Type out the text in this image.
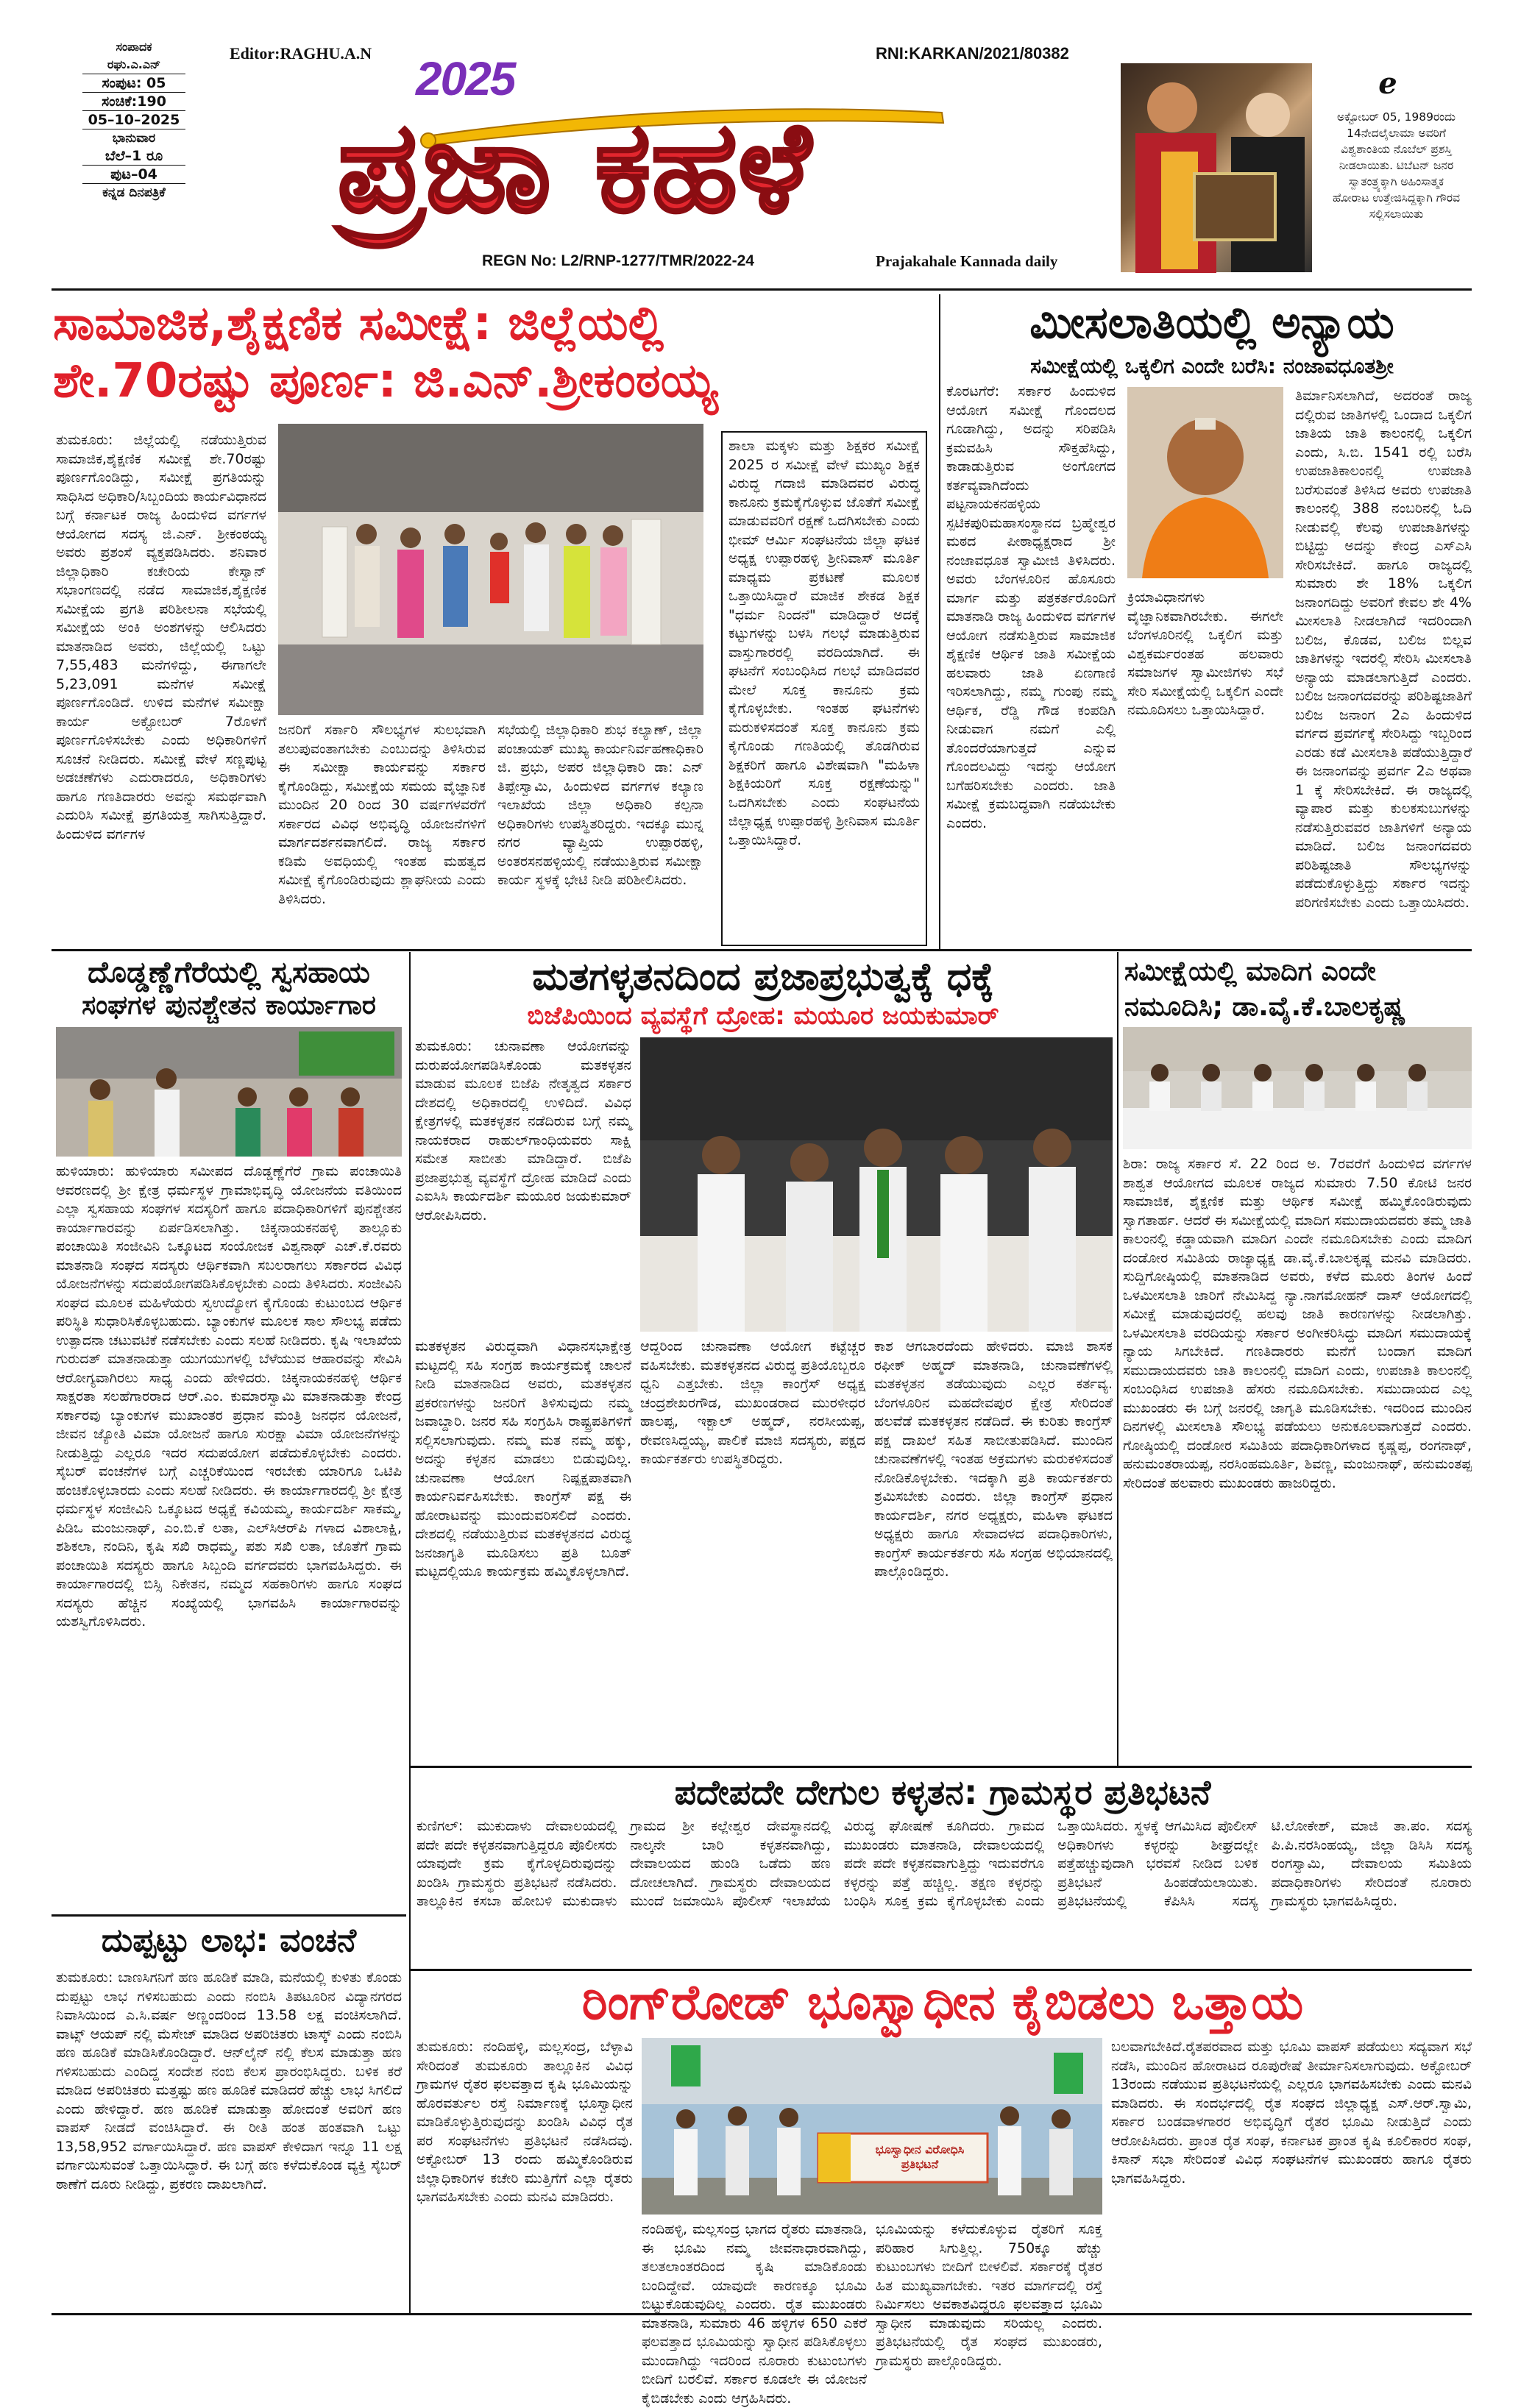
ಸಂಪಾದಕ
ರಘು.ಎ.ಎನ್
ಸಂಪುಟ: 05
ಸಂಚಿಕೆ:190
05–10–2025
ಭಾನುವಾರ
ಬೆಲೆ–1 ರೂ
ಪುಟ–04
ಕನ್ನಡ ದಿನಪತ್ರಿಕೆ
Editor:RAGHU.A.N	RNI:KARKAN/2021/80382
2025
ಪ್ರಜಾ ಕಹಳೆ
REGN No: L2/RNP-1277/TMR/2022-24	Prajakahale Kannada daily
e
ಅಕ್ಟೋಬರ್ 05, 1989ರಂದು 14ನೇದಲೈಲಾಮಾ ಅವರಿಗೆ ವಿಶ್ವಶಾಂತಿಯ ನೊಬೆಲ್ ಪ್ರಶಸ್ತಿ ನೀಡಲಾಯಿತು. ಟಿಬೆಟನ್ ಜನರ ಸ್ವಾತಂತ್ರ್ಯಕ್ಕಾಗಿ ಅಹಿಂಸಾತ್ಮಕ ಹೋರಾಟ ಉತ್ತೇಜಿಸಿದ್ದಕ್ಕಾಗಿ ಗೌರವ ಸಲ್ಲಿಸಲಾಯಿತು
ಸಾಮಾಜಿಕ,ಶೈಕ್ಷಣಿಕ ಸಮೀಕ್ಷೆ: ಜಿಲ್ಲೆಯಲ್ಲಿ
ಶೇ.70ರಷ್ಟು ಪೂರ್ಣ: ಜಿ.ಎನ್.ಶ್ರೀಕಂಠಯ್ಯ
ತುಮಕೂರು: ಜಿಲ್ಲೆಯಲ್ಲಿ ನಡೆಯುತ್ತಿರುವ ಸಾಮಾಜಿಕ,ಶೈಕ್ಷಣಿಕ ಸಮೀಕ್ಷೆ ಶೇ.70ರಷ್ಟು ಪೂರ್ಣಗೊಂಡಿದ್ದು, ಸಮೀಕ್ಷೆ ಪ್ರಗತಿಯನ್ನು ಸಾಧಿಸಿದ ಅಧಿಕಾರಿ/ಸಿಬ್ಬಂದಿಯ ಕಾರ್ಯವಿಧಾನದ ಬಗ್ಗೆ ಕರ್ನಾಟಕ ರಾಜ್ಯ ಹಿಂದುಳಿದ ವರ್ಗಗಳ ಆಯೋಗದ ಸದಸ್ಯ ಜಿ.ಎನ್. ಶ್ರೀಕಂಠಯ್ಯ ಅವರು ಪ್ರಶಂಸೆ ವ್ಯಕ್ತಪಡಿಸಿದರು. ಶನಿವಾರ ಜಿಲ್ಲಾಧಿಕಾರಿ ಕಚೇರಿಯ ಕೇಸ್ವಾನ್ ಸಭಾಂಗಣದಲ್ಲಿ ನಡೆದ ಸಾಮಾಜಿಕ,ಶೈಕ್ಷಣಿಕ ಸಮೀಕ್ಷೆಯ ಪ್ರಗತಿ ಪರಿಶೀಲನಾ ಸಭೆಯಲ್ಲಿ ಸಮೀಕ್ಷೆಯ ಅಂಕಿ ಅಂಶಗಳನ್ನು ಆಲಿಸಿದರು ಮಾತನಾಡಿದ ಅವರು, ಜಿಲ್ಲೆಯಲ್ಲಿ ಒಟ್ಟು 7,55,483 ಮನೆಗಳಿದ್ದು, ಈಗಾಗಲೇ 5,23,091 ಮನೆಗಳ ಸಮೀಕ್ಷೆ ಪೂರ್ಣಗೊಂಡಿದೆ. ಉಳಿದ ಮನೆಗಳ ಸಮೀಕ್ಷಾ ಕಾರ್ಯ ಅಕ್ಟೋಬರ್ 7ರೊಳಗೆ ಪೂರ್ಣಗೊಳಿಸಬೇಕು ಎಂದು ಅಧಿಕಾರಿಗಳಿಗೆ ಸೂಚನೆ ನೀಡಿದರು. ಸಮೀಕ್ಷೆ ವೇಳೆ ಸಣ್ಣಪುಟ್ಟ ಅಡಚಣೆಗಳು ಎದುರಾದರೂ, ಅಧಿಕಾರಿಗಳು ಹಾಗೂ ಗಣತಿದಾರರು ಅವನ್ನು ಸಮರ್ಥವಾಗಿ ಎದುರಿಸಿ ಸಮೀಕ್ಷೆ ಪ್ರಗತಿಯತ್ತ ಸಾಗಿಸುತ್ತಿದ್ದಾರೆ. ಹಿಂದುಳಿದ ವರ್ಗಗಳ
ಜನರಿಗೆ ಸರ್ಕಾರಿ ಸೌಲಭ್ಯಗಳ ಸುಲಭವಾಗಿ ತಲುಪುವಂತಾಗಬೇಕು ಎಂಬುದನ್ನು ತಿಳಿಸಿರುವ ಈ ಸಮೀಕ್ಷಾ ಕಾರ್ಯವನ್ನು ಸರ್ಕಾರ ಕೈಗೊಂಡಿದ್ದು, ಸಮೀಕ್ಷೆಯ ಸಮಯ ವೈಜ್ಞಾನಿಕ ಮುಂದಿನ 20 ರಿಂದ 30 ವರ್ಷಗಳವರೆಗೆ ಸರ್ಕಾರದ ವಿವಿಧ ಅಭಿವೃದ್ಧಿ ಯೋಜನೆಗಳಿಗೆ ಮಾರ್ಗದರ್ಶನವಾಗಲಿದೆ. ರಾಜ್ಯ ಸರ್ಕಾರ ಕಡಿಮೆ ಅವಧಿಯಲ್ಲಿ ಇಂತಹ ಮಹತ್ವದ ಸಮೀಕ್ಷೆ ಕೈಗೊಂಡಿರುವುದು ಶ್ಲಾಘನೀಯ ಎಂದು ತಿಳಿಸಿದರು.
ಸಭೆಯಲ್ಲಿ ಜಿಲ್ಲಾಧಿಕಾರಿ ಶುಭ ಕಲ್ಯಾಣ್, ಜಿಲ್ಲಾ ಪಂಚಾಯತ್ ಮುಖ್ಯ ಕಾರ್ಯನಿರ್ವಹಣಾಧಿಕಾರಿ ಜಿ. ಪ್ರಭು, ಅಪರ ಜಿಲ್ಲಾಧಿಕಾರಿ ಡಾ: ಎನ್ ತಿಪ್ಪೇಸ್ವಾಮಿ, ಹಿಂದುಳಿದ ವರ್ಗಗಳ ಕಲ್ಯಾಣ ಇಲಾಖೆಯ ಜಿಲ್ಲಾ ಅಧಿಕಾರಿ ಕಲ್ಪನಾ ಅಧಿಕಾರಿಗಳು ಉಪಸ್ಥಿತರಿದ್ದರು. ಇದಕ್ಕೂ ಮುನ್ನ ನಗರ ವ್ಯಾಪ್ತಿಯ ಉಪ್ಪಾರಹಳ್ಳಿ, ಅಂತರಸನಹಳ್ಳಿಯಲ್ಲಿ ನಡೆಯುತ್ತಿರುವ ಸಮೀಕ್ಷಾ ಕಾರ್ಯ ಸ್ಥಳಕ್ಕೆ ಭೇಟಿ ನೀಡಿ ಪರಿಶೀಲಿಸಿದರು.
ಶಾಲಾ ಮಕ್ಕಳು ಮತ್ತು ಶಿಕ್ಷಕರ ಸಮೀಕ್ಷೆ 2025 ರ ಸಮೀಕ್ಷೆ ವೇಳೆ ಮುಖ್ಯಂ ಶಿಕ್ಷಕ ವಿರುದ್ಧ ಗದಾಜಿ ಮಾಡಿದವರ ವಿರುದ್ಧ ಕಾನೂನು ಕ್ರಮಕೈಗೊಳ್ಳುವ ಜೊತೆಗೆ ಸಮೀಕ್ಷೆ ಮಾಡುವವರಿಗೆ ರಕ್ಷಣೆ ಒದಗಿಸಬೇಕು ಎಂದು ಭೀಮ್ ಆರ್ಮಿ ಸಂಘಟನೆಯ ಜಿಲ್ಲಾ ಘಟಕ ಅಧ್ಯಕ್ಷ ಉಪ್ಪಾರಹಳ್ಳಿ ಶ್ರೀನಿವಾಸ್ ಮೂರ್ತಿ ಮಾಧ್ಯಮ ಪ್ರಕಟಣೆ ಮೂಲಕ ಒತ್ತಾಯಿಸಿದ್ದಾರೆ ಮಾಜಿಕ ಶೇಕಡ ಶಿಕ್ಷಕ "ಧರ್ಮ ನಿಂದನೆ" ಮಾಡಿದ್ದಾರೆ ಅದಕ್ಕೆ ಕಟ್ಟುಗಳನ್ನು ಬಳಸಿ ಗಲಭೆ ಮಾಡುತ್ತಿರುವ ವಾಸ್ತುಗಾರರಲ್ಲಿ ವರದಿಯಾಗಿದೆ. ಈ ಘಟನೆಗೆ ಸಂಬಂಧಿಸಿದ ಗಲಭೆ ಮಾಡಿದವರ ಮೇಲೆ ಸೂಕ್ತ ಕಾನೂನು ಕ್ರಮ ಕೈಗೊಳ್ಳಬೇಕು. ಇಂತಹ ಘಟನೆಗಳು ಮರುಕಳಿಸದಂತೆ ಸೂಕ್ತ ಕಾನೂನು ಕ್ರಮ ಕೈಗೊಂಡು ಗಣತಿಯಲ್ಲಿ ತೊಡಗಿರುವ ಶಿಕ್ಷಕರಿಗೆ ಹಾಗೂ ವಿಶೇಷವಾಗಿ "ಮಹಿಳಾ ಶಿಕ್ಷಕಿಯರಿಗೆ ಸೂಕ್ತ ರಕ್ಷಣೆಯನ್ನು" ಒದಗಿಸಬೇಕು ಎಂದು ಸಂಘಟನೆಯ ಜಿಲ್ಲಾಧ್ಯಕ್ಷ ಉಪ್ಪಾರಹಳ್ಳಿ ಶ್ರೀನಿವಾಸ ಮೂರ್ತಿ ಒತ್ತಾಯಿಸಿದ್ದಾರೆ.
ಮೀಸಲಾತಿಯಲ್ಲಿ ಅನ್ಯಾಯ
ಸಮೀಕ್ಷೆಯಲ್ಲಿ ಒಕ್ಕಲಿಗ ಎಂದೇ ಬರೆಸಿ: ನಂಜಾವಧೂತಶ್ರೀ
ಕೊರಟಗೆರೆ: ಸರ್ಕಾರ ಹಿಂದುಳಿದ ಆಯೋಗ ಸಮೀಕ್ಷೆ ಗೊಂದಲದ ಗೂಡಾಗಿದ್ದು, ಅದನ್ನು ಸರಿಪಡಿಸಿ ಕ್ರಮವಹಿಸಿ ಸೌಕ್ತಹೆಸಿದ್ದು, ಕಾಡಾಡುತ್ತಿರುವ ಅಂಗೋಗದ ಕರ್ತವ್ಯವಾಗಿದೆಂದು ಪಟ್ಟನಾಯಕನಹಳ್ಳಿಯ ಸ್ಪಟಿಕಪುರಿಮಹಾಸಂಸ್ಥಾನದ ಬ್ರಹ್ಮೇಶ್ವರ ಮಠದ ಪೀಠಾಧ್ಯಕ್ಷರಾದ ಶ್ರೀ ನಂಜಾವಧೂತ ಸ್ವಾಮೀಜಿ ತಿಳಿಸಿದರು. ಅವರು ಬೆಂಗಳೂರಿನ ಹೊಸೂರು ಮಾರ್ಗ ಮತ್ತು ಪತ್ರಕರ್ತರೊಂದಿಗೆ ಮಾತನಾಡಿ ರಾಜ್ಯ ಹಿಂದುಳಿದ ವರ್ಗಗಳ ಆಯೋಗ ನಡೆಸುತ್ತಿರುವ ಸಾಮಾಜಿಕ ಶೈಕ್ಷಣಿಕ ಆರ್ಥಿಕ ಜಾತಿ ಸಮೀಕ್ಷೆಯ ಹಲವಾರು ಜಾತಿ ಏಣಗಾಣಿ ಇರಿಸಲಾಗಿದ್ದು, ನಮ್ಮ ಗುಂಪು ನಮ್ಮ ಆರ್ಥಿಕ, ರೆಡ್ಡಿ ಗೌಡ ಕಂಪಡಿಗಿ ನೀಡುವಾಗ ನಮಗೆ ಎಲ್ಲಿ ತೊಂದರೆಯಾಗುತ್ತದೆ ಎನ್ನುವ ಗೊಂದಲವಿದ್ದು ಇದನ್ನು ಆಯೋಗ ಬಗೆಹರಿಸಬೇಕು ಎಂದರು. ಜಾತಿ ಸಮೀಕ್ಷೆ ಕ್ರಮಬದ್ಧವಾಗಿ ನಡೆಯಬೇಕು ಎಂದರು.
ಕ್ರಿಯಾವಿಧಾನಗಳು ವೈಜ್ಞಾನಿಕವಾಗಿರಬೇಕು. ಈಗಲೇ ಬೆಂಗಳೂರಿನಲ್ಲಿ ಒಕ್ಕಲಿಗ ಮತ್ತು ವಿಶ್ವಕರ್ಮರಂತಹ ಹಲವಾರು ಸಮಾಜಗಳ ಸ್ವಾಮೀಜಿಗಳು ಸಭೆ ಸೇರಿ ಸಮೀಕ್ಷೆಯಲ್ಲಿ ಒಕ್ಕಲಿಗ ಎಂದೇ ನಮೂದಿಸಲು ಒತ್ತಾಯಿಸಿದ್ದಾರೆ.
ತಿರ್ಮಾನಿಸಲಾಗಿದೆ, ಅದರಂತೆ ರಾಜ್ಯ ದಲ್ಲಿರುವ ಜಾತಿಗಳಲ್ಲಿ ಒಂದಾದ ಒಕ್ಕಲಿಗ ಜಾತಿಯ ಜಾತಿ ಕಾಲಂನಲ್ಲಿ ಒಕ್ಕಲಿಗ ಎಂದು, ಸಿ.ಬಿ. 1541 ರಲ್ಲಿ ಬರೆಸಿ ಉಪಜಾತಿಕಾಲಂನಲ್ಲಿ ಉಪಜಾತಿ ಬರೆಸುವಂತೆ ತಿಳಿಸಿದ ಅವರು ಉಪಜಾತಿ ಕಾಲಂನಲ್ಲಿ 388 ನಂಬರಿನಲ್ಲಿ ಓದಿ ನೀಡುವಲ್ಲಿ ಕೆಲವು ಉಪಜಾತಿಗಳನ್ನು ಬಿಟ್ಟಿದ್ದು ಅದನ್ನು ಕೇಂದ್ರ ಎಸ್ಎಸಿ ಸೇರಿಸಬೇಕಿದೆ. ಹಾಗೂ ರಾಜ್ಯದಲ್ಲಿ ಸುಮಾರು ಶೇ 18% ಒಕ್ಕಲಿಗ ಜನಾಂಗದಿದ್ದು ಅವರಿಗೆ ಕೇವಲ ಶೇ 4% ಮೀಸಲಾತಿ ನೀಡಲಾಗಿದೆ ಇದರಿಂದಾಗಿ ಬಲಿಜ, ಕೊಡವ, ಬಲಿಜ ಬಿಲ್ಲವ ಜಾತಿಗಳನ್ನು ಇದರಲ್ಲಿ ಸೇರಿಸಿ ಮೀಸಲಾತಿ ಅನ್ಯಾಯ ಮಾಡಲಾಗುತ್ತಿದೆ ಎಂದರು. ಬಲಿಜ ಜನಾಂಗದವರನ್ನು ಪರಿಶಿಷ್ಟಜಾತಿಗೆ ಬಲಿಜ ಜನಾಂಗ 2ಎ ಹಿಂದುಳಿದ ವರ್ಗದ ಪ್ರವರ್ಗಕ್ಕೆ ಸೇರಿಸಿದ್ದು ಇಬ್ಬರಿಂದ ಎರಡು ಕಡೆ ಮೀಸಲಾತಿ ಪಡೆಯುತ್ತಿದ್ದಾರೆ ಈ ಜನಾಂಗವನ್ನು ಪ್ರವರ್ಗ 2ಎ ಅಥವಾ 1 ಕ್ಕೆ ಸೇರಿಸಬೇಕಿದೆ. ಈ ರಾಜ್ಯದಲ್ಲಿ ವ್ಯಾಪಾರ ಮತ್ತು ಕುಲಕಸುಬುಗಳನ್ನು ನಡೆಸುತ್ತಿರುವವರ ಜಾತಿಗಳಿಗೆ ಅನ್ಯಾಯ ಮಾಡಿದೆ. ಬಲಿಜ ಜನಾಂಗದವರು ಪರಿಶಿಷ್ಟಜಾತಿ ಸೌಲಭ್ಯಗಳನ್ನು ಪಡೆದುಕೊಳ್ಳುತ್ತಿದ್ದು ಸರ್ಕಾರ ಇದನ್ನು ಪರಿಗಣಿಸಬೇಕು ಎಂದು ಒತ್ತಾಯಿಸಿದರು.
ದೊಡ್ಡಣ್ಣೆಗೆರೆಯಲ್ಲಿ ಸ್ವಸಹಾಯ
ಸಂಘಗಳ ಪುನಶ್ಚೇತನ ಕಾರ್ಯಾಗಾರ
ಹುಳಿಯಾರು: ಹುಳಿಯಾರು ಸಮೀಪದ ದೊಡ್ಡಣ್ಣೆಗೆರೆ ಗ್ರಾಮ ಪಂಚಾಯಿತಿ ಆವರಣದಲ್ಲಿ ಶ್ರೀ ಕ್ಷೇತ್ರ ಧರ್ಮಸ್ಥಳ ಗ್ರಾಮಾಭಿವೃದ್ಧಿ ಯೋಜನೆಯ ವತಿಯಿಂದ ಎಲ್ಲಾ ಸ್ವಸಹಾಯ ಸಂಘಗಳ ಸದಸ್ಯರಿಗೆ ಹಾಗೂ ಪದಾಧಿಕಾರಿಗಳಿಗೆ ಪುನಶ್ಚೇತನ ಕಾರ್ಯಾಗಾರವನ್ನು ಏರ್ಪಡಿಸಲಾಗಿತ್ತು. ಚಿಕ್ಕನಾಯಕನಹಳ್ಳಿ ತಾಲ್ಲೂಕು ಪಂಚಾಯಿತಿ ಸಂಜೀವಿನಿ ಒಕ್ಕೂಟದ ಸಂಯೋಜಕ ವಿಶ್ವನಾಥ್ ಎಚ್.ಕೆ.ರವರು ಮಾತನಾಡಿ ಸಂಘದ ಸದಸ್ಯರು ಆರ್ಥಿಕವಾಗಿ ಸಬಲರಾಗಲು ಸರ್ಕಾರದ ವಿವಿಧ ಯೋಜನೆಗಳನ್ನು ಸದುಪಯೋಗಪಡಿಸಿಕೊಳ್ಳಬೇಕು ಎಂದು ತಿಳಿಸಿದರು. ಸಂಜೀವಿನಿ ಸಂಘದ ಮೂಲಕ ಮಹಿಳೆಯರು ಸ್ವಉದ್ಯೋಗ ಕೈಗೊಂಡು ಕುಟುಂಬದ ಆರ್ಥಿಕ ಪರಿಸ್ಥಿತಿ ಸುಧಾರಿಸಿಕೊಳ್ಳಬಹುದು. ಬ್ಯಾಂಕುಗಳ ಮೂಲಕ ಸಾಲ ಸೌಲಭ್ಯ ಪಡೆದು ಉತ್ಪಾದನಾ ಚಟುವಟಿಕೆ ನಡೆಸಬೇಕು ಎಂದು ಸಲಹೆ ನೀಡಿದರು. ಕೃಷಿ ಇಲಾಖೆಯ ಗುರುದತ್ ಮಾತನಾಡುತ್ತಾ ಯುಗಯುಗಳಲ್ಲಿ ಬೆಳೆಯುವ ಆಹಾರವನ್ನು ಸೇವಿಸಿ ಆರೋಗ್ಯವಾಗಿರಲು ಸಾಧ್ಯ ಎಂದು ಹೇಳಿದರು. ಚಿಕ್ಕನಾಯಕನಹಳ್ಳಿ ಆರ್ಥಿಕ ಸಾಕ್ಷರತಾ ಸಲಹೆಗಾರರಾದ ಆರ್.ಎಂ. ಕುಮಾರಸ್ವಾಮಿ ಮಾತನಾಡುತ್ತಾ ಕೇಂದ್ರ ಸರ್ಕಾರವು ಬ್ಯಾಂಕುಗಳ ಮುಖಾಂತರ ಪ್ರಧಾನ ಮಂತ್ರಿ ಜನಧನ ಯೋಜನೆ, ಜೀವನ ಜ್ಯೋತಿ ವಿಮಾ ಯೋಜನೆ ಹಾಗೂ ಸುರಕ್ಷಾ ವಿಮಾ ಯೋಜನೆಗಳನ್ನು ನೀಡುತ್ತಿದ್ದು ಎಲ್ಲರೂ ಇದರ ಸದುಪಯೋಗ ಪಡೆದುಕೊಳ್ಳಬೇಕು ಎಂದರು. ಸೈಬರ್ ವಂಚನೆಗಳ ಬಗ್ಗೆ ಎಚ್ಚರಿಕೆಯಿಂದ ಇರಬೇಕು ಯಾರಿಗೂ ಒಟಿಪಿ ಹಂಚಿಕೊಳ್ಳಬಾರದು ಎಂದು ಸಲಹೆ ನೀಡಿದರು. ಈ ಕಾರ್ಯಾಗಾರದಲ್ಲಿ ಶ್ರೀ ಕ್ಷೇತ್ರ ಧರ್ಮಸ್ಥಳ ಸಂಜೀವಿನಿ ಒಕ್ಕೂಟದ ಅಧ್ಯಕ್ಷೆ ಕವಿಯಮ್ಮ, ಕಾರ್ಯದರ್ಶಿ ಸಾಕಮ್ಮ, ಪಿಡಿಒ ಮಂಜುನಾಥ್, ಎಂ.ಬಿ.ಕೆ ಲತಾ, ಎಲ್‌ಸಿಆರ್‌ಪಿ ಗಳಾದ ವಿಶಾಲಾಕ್ಷಿ, ಶಶಿಕಲಾ, ನಂದಿನಿ, ಕೃಷಿ ಸಖಿ ರಾಧಮ್ಮ, ಪಶು ಸಖಿ ಲತಾ, ಜೊತೆಗೆ ಗ್ರಾಮ ಪಂಚಾಯಿತಿ ಸದಸ್ಯರು ಹಾಗೂ ಸಿಬ್ಬಂದಿ ವರ್ಗದವರು ಭಾಗವಹಿಸಿದ್ದರು. ಈ ಕಾರ್ಯಾಗಾರದಲ್ಲಿ ಬಿಸ್ಸಿ ನಿಕೇತನ, ನಮ್ಮದ ಸಹಕಾರಿಗಳು ಹಾಗೂ ಸಂಘದ ಸದಸ್ಯರು ಹೆಚ್ಚಿನ ಸಂಖ್ಯೆಯಲ್ಲಿ ಭಾಗವಹಿಸಿ ಕಾರ್ಯಾಗಾರವನ್ನು ಯಶಸ್ವಿಗೊಳಿಸಿದರು.
ದುಪ್ಪಟ್ಟು ಲಾಭ: ವಂಚನೆ
ತುಮಕೂರು: ಬಾಣಸಿಗನಿಗೆ ಹಣ ಹೂಡಿಕೆ ಮಾಡಿ, ಮನೆಯಲ್ಲಿ ಕುಳಿತು ಕೊಂಡು ದುಪ್ಪಟ್ಟು ಲಾಭ ಗಳಿಸಬಹುದು ಎಂದು ನಂಬಿಸಿ ತಿಪಟೂರಿನ ವಿದ್ಯಾನಗರದ ನಿವಾಸಿಯಿಂದ ಎ.ಸಿ.ವರ್ಷ ಅಣ್ಣಂದರಿಂದ 13.58 ಲಕ್ಷ ವಂಚಿಸಲಾಗಿದೆ. ವಾಟ್ಸ್ ಆಯಪ್ ನಲ್ಲಿ ಮೆಸೇಜ್ ಮಾಡಿದ ಅಪರಿಚಿತರು ಟಾಸ್ಕ್ ಎಂದು ನಂಬಿಸಿ ಹಣ ಹೂಡಿಕೆ ಮಾಡಿಸಿಕೊಂಡಿದ್ದಾರೆ. ಆನ್‌ಲೈನ್ ನಲ್ಲಿ ಕೆಲಸ ಮಾಡುತ್ತಾ ಹಣ ಗಳಿಸಬಹುದು ಎಂದಿದ್ದ ಸಂದೇಶ ನಂಬಿ ಕೆಲಸ ಪ್ರಾರಂಭಿಸಿದ್ದರು. ಬಳಿಕ ಕರೆ ಮಾಡಿದ ಅಪರಿಚಿತರು ಮತ್ತಷ್ಟು ಹಣ ಹೂಡಿಕೆ ಮಾಡಿದರೆ ಹೆಚ್ಚು ಲಾಭ ಸಿಗಲಿದೆ ಎಂದು ಹೇಳಿದ್ದಾರೆ. ಹಣ ಹೂಡಿಕೆ ಮಾಡುತ್ತಾ ಹೋದಂತೆ ಅವರಿಗೆ ಹಣ ವಾಪಸ್ ನೀಡದೆ ವಂಚಿಸಿದ್ದಾರೆ. ಈ ರೀತಿ ಹಂತ ಹಂತವಾಗಿ ಒಟ್ಟು 13,58,952 ವರ್ಗಾಯಿಸಿದ್ದಾರೆ. ಹಣ ವಾಪಸ್ ಕೇಳಿದಾಗ ಇನ್ನೂ 11 ಲಕ್ಷ ವರ್ಗಾಯಿಸುವಂತೆ ಒತ್ತಾಯಿಸಿದ್ದಾರೆ. ಈ ಬಗ್ಗೆ ಹಣ ಕಳೆದುಕೊಂಡ ವ್ಯಕ್ತಿ ಸೈಬರ್ ಠಾಣೆಗೆ ದೂರು ನೀಡಿದ್ದು, ಪ್ರಕರಣ ದಾಖಲಾಗಿದೆ.
ಮತಗಳ್ಳತನದಿಂದ ಪ್ರಜಾಪ್ರಭುತ್ವಕ್ಕೆ ಧಕ್ಕೆ
ಬಿಜೆಪಿಯಿಂದ ವ್ಯವಸ್ಥೆಗೆ ದ್ರೋಹ: ಮಯೂರ ಜಯಕುಮಾರ್
ತುಮಕೂರು: ಚುನಾವಣಾ ಆಯೋಗವನ್ನು ದುರುಪಯೋಗಪಡಿಸಿಕೊಂಡು ಮತಕಳ್ಳತನ ಮಾಡುವ ಮೂಲಕ ಬಿಜೆಪಿ ನೇತೃತ್ವದ ಸರ್ಕಾರ ದೇಶದಲ್ಲಿ ಅಧಿಕಾರದಲ್ಲಿ ಉಳಿದಿದೆ. ವಿವಿಧ ಕ್ಷೇತ್ರಗಳಲ್ಲಿ ಮತಕಳ್ಳತನ ನಡೆದಿರುವ ಬಗ್ಗೆ ನಮ್ಮ ನಾಯಕರಾದ ರಾಹುಲ್‌ಗಾಂಧಿಯವರು ಸಾಕ್ಷಿ ಸಮೇತ ಸಾಬೀತು ಮಾಡಿದ್ದಾರೆ. ಬಿಜೆಪಿ ಪ್ರಜಾಪ್ರಭುತ್ವ ವ್ಯವಸ್ಥೆಗೆ ದ್ರೋಹ ಮಾಡಿದೆ ಎಂದು ಎಐಸಿಸಿ ಕಾರ್ಯದರ್ಶಿ ಮಯೂರ ಜಯಕುಮಾರ್ ಆರೋಪಿಸಿದರು.
ಮತಕಳ್ಳತನ ವಿರುದ್ಧವಾಗಿ ವಿಧಾನಸಭಾಕ್ಷೇತ್ರ ಮಟ್ಟದಲ್ಲಿ ಸಹಿ ಸಂಗ್ರಹ ಕಾರ್ಯಕ್ರಮಕ್ಕೆ ಚಾಲನೆ ನೀಡಿ ಮಾತನಾಡಿದ ಅವರು, ಮತಕಳ್ಳತನ ಪ್ರಕರಣಗಳನ್ನು ಜನರಿಗೆ ತಿಳಿಸುವುದು ನಮ್ಮ ಜವಾಬ್ದಾರಿ. ಜನರ ಸಹಿ ಸಂಗ್ರಹಿಸಿ ರಾಷ್ಟ್ರಪತಿಗಳಿಗೆ ಸಲ್ಲಿಸಲಾಗುವುದು. ನಮ್ಮ ಮತ ನಮ್ಮ ಹಕ್ಕು, ಅದನ್ನು ಕಳ್ಳತನ ಮಾಡಲು ಬಿಡುವುದಿಲ್ಲ. ಚುನಾವಣಾ ಆಯೋಗ ನಿಷ್ಪಕ್ಷಪಾತವಾಗಿ ಕಾರ್ಯನಿರ್ವಹಿಸಬೇಕು. ಕಾಂಗ್ರೆಸ್ ಪಕ್ಷ ಈ ಹೋರಾಟವನ್ನು ಮುಂದುವರಿಸಲಿದೆ ಎಂದರು. ದೇಶದಲ್ಲಿ ನಡೆಯುತ್ತಿರುವ ಮತಕಳ್ಳತನದ ವಿರುದ್ಧ ಜನಜಾಗೃತಿ ಮೂಡಿಸಲು ಪ್ರತಿ ಬೂತ್ ಮಟ್ಟದಲ್ಲಿಯೂ ಕಾರ್ಯಕ್ರಮ ಹಮ್ಮಿಕೊಳ್ಳಲಾಗಿದೆ.
ಆದ್ದರಿಂದ ಚುನಾವಣಾ ಆಯೋಗ ಕಟ್ಟೆಚ್ಚರ ವಹಿಸಬೇಕು. ಮತಕಳ್ಳತನದ ವಿರುದ್ಧ ಪ್ರತಿಯೊಬ್ಬರೂ ಧ್ವನಿ ಎತ್ತಬೇಕು. ಜಿಲ್ಲಾ ಕಾಂಗ್ರೆಸ್ ಅಧ್ಯಕ್ಷ ಚಂದ್ರಶೇಖರಗೌಡ, ಮುಖಂಡರಾದ ಮುರಳೀಧರ ಹಾಲಪ್ಪ, ಇಕ್ಬಾಲ್ ಅಹ್ಮದ್, ನರಸೀಯಪ್ಪ, ರೇವಣಸಿದ್ದಯ್ಯ, ಪಾಲಿಕೆ ಮಾಜಿ ಸದಸ್ಯರು, ಪಕ್ಷದ ಕಾರ್ಯಕರ್ತರು ಉಪಸ್ಥಿತರಿದ್ದರು.
ಕಾಶ ಆಗಬಾರದೆಂದು ಹೇಳಿದರು. ಮಾಜಿ ಶಾಸಕ ರಫೀಕ್ ಅಹ್ಮದ್ ಮಾತನಾಡಿ, ಚುನಾವಣೆಗಳಲ್ಲಿ ಮತಕಳ್ಳತನ ತಡೆಯುವುದು ಎಲ್ಲರ ಕರ್ತವ್ಯ. ಬೆಂಗಳೂರಿನ ಮಹದೇವಪುರ ಕ್ಷೇತ್ರ ಸೇರಿದಂತೆ ಹಲವೆಡೆ ಮತಕಳ್ಳತನ ನಡೆದಿದೆ. ಈ ಕುರಿತು ಕಾಂಗ್ರೆಸ್ ಪಕ್ಷ ದಾಖಲೆ ಸಹಿತ ಸಾಬೀತುಪಡಿಸಿದೆ. ಮುಂದಿನ ಚುನಾವಣೆಗಳಲ್ಲಿ ಇಂತಹ ಅಕ್ರಮಗಳು ಮರುಕಳಿಸದಂತೆ ನೋಡಿಕೊಳ್ಳಬೇಕು. ಇದಕ್ಕಾಗಿ ಪ್ರತಿ ಕಾರ್ಯಕರ್ತರು ಶ್ರಮಿಸಬೇಕು ಎಂದರು. ಜಿಲ್ಲಾ ಕಾಂಗ್ರೆಸ್ ಪ್ರಧಾನ ಕಾರ್ಯದರ್ಶಿ, ನಗರ ಅಧ್ಯಕ್ಷರು, ಮಹಿಳಾ ಘಟಕದ ಅಧ್ಯಕ್ಷರು ಹಾಗೂ ಸೇವಾದಳದ ಪದಾಧಿಕಾರಿಗಳು, ಕಾಂಗ್ರೆಸ್ ಕಾರ್ಯಕರ್ತರು ಸಹಿ ಸಂಗ್ರಹ ಅಭಿಯಾನದಲ್ಲಿ ಪಾಲ್ಗೊಂಡಿದ್ದರು.
ಸಮೀಕ್ಷೆಯಲ್ಲಿ ಮಾದಿಗ ಎಂದೇ
ನಮೂದಿಸಿ; ಡಾ.ವೈ.ಕೆ.ಬಾಲಕೃಷ್ಣ
ಶಿರಾ: ರಾಜ್ಯ ಸರ್ಕಾರ ಸೆ. 22 ರಿಂದ ಅ. 7ರವರೆಗೆ ಹಿಂದುಳಿದ ವರ್ಗಗಳ ಶಾಶ್ವತ ಆಯೋಗದ ಮೂಲಕ ರಾಜ್ಯದ ಸುಮಾರು 7.50 ಕೋಟಿ ಜನರ ಸಾಮಾಜಿಕ, ಶೈಕ್ಷಣಿಕ ಮತ್ತು ಆರ್ಥಿಕ ಸಮೀಕ್ಷೆ ಹಮ್ಮಿಕೊಂಡಿರುವುದು ಸ್ವಾಗತಾರ್ಹ. ಆದರೆ ಈ ಸಮೀಕ್ಷೆಯಲ್ಲಿ ಮಾದಿಗ ಸಮುದಾಯದವರು ತಮ್ಮ ಜಾತಿ ಕಾಲಂನಲ್ಲಿ ಕಡ್ಡಾಯವಾಗಿ ಮಾದಿಗ ಎಂದೇ ನಮೂದಿಸಬೇಕು ಎಂದು ಮಾದಿಗ ದಂಡೋರ ಸಮಿತಿಯ ರಾಜ್ಯಾಧ್ಯಕ್ಷ ಡಾ.ವೈ.ಕೆ.ಬಾಲಕೃಷ್ಣ ಮನವಿ ಮಾಡಿದರು. ಸುದ್ದಿಗೋಷ್ಠಿಯಲ್ಲಿ ಮಾತನಾಡಿದ ಅವರು, ಕಳೆದ ಮೂರು ತಿಂಗಳ ಹಿಂದೆ ಒಳಮೀಸಲಾತಿ ಜಾರಿಗೆ ನೇಮಿಸಿದ್ದ ನ್ಯಾ.ನಾಗಮೋಹನ್ ದಾಸ್ ಆಯೋಗದಲ್ಲಿ ಸಮೀಕ್ಷೆ ಮಾಡುವುದರಲ್ಲಿ ಹಲವು ಜಾತಿ ಕಾರಣಗಳನ್ನು ನೀಡಲಾಗಿತ್ತು. ಒಳಮೀಸಲಾತಿ ವರದಿಯನ್ನು ಸರ್ಕಾರ ಅಂಗೀಕರಿಸಿದ್ದು ಮಾದಿಗ ಸಮುದಾಯಕ್ಕೆ ನ್ಯಾಯ ಸಿಗಬೇಕಿದೆ. ಗಣತಿದಾರರು ಮನೆಗೆ ಬಂದಾಗ ಮಾದಿಗ ಸಮುದಾಯದವರು ಜಾತಿ ಕಾಲಂನಲ್ಲಿ ಮಾದಿಗ ಎಂದು, ಉಪಜಾತಿ ಕಾಲಂನಲ್ಲಿ ಸಂಬಂಧಿಸಿದ ಉಪಜಾತಿ ಹೆಸರು ನಮೂದಿಸಬೇಕು. ಸಮುದಾಯದ ಎಲ್ಲ ಮುಖಂಡರು ಈ ಬಗ್ಗೆ ಜನರಲ್ಲಿ ಜಾಗೃತಿ ಮೂಡಿಸಬೇಕು. ಇದರಿಂದ ಮುಂದಿನ ದಿನಗಳಲ್ಲಿ ಮೀಸಲಾತಿ ಸೌಲಭ್ಯ ಪಡೆಯಲು ಅನುಕೂಲವಾಗುತ್ತದೆ ಎಂದರು. ಗೋಷ್ಠಿಯಲ್ಲಿ ದಂಡೋರ ಸಮಿತಿಯ ಪದಾಧಿಕಾರಿಗಳಾದ ಕೃಷ್ಣಪ್ಪ, ರಂಗನಾಥ್, ಹನುಮಂತರಾಯಪ್ಪ, ನರಸಿಂಹಮೂರ್ತಿ, ಶಿವಣ್ಣ, ಮಂಜುನಾಥ್, ಹನುಮಂತಪ್ಪ ಸೇರಿದಂತೆ ಹಲವಾರು ಮುಖಂಡರು ಹಾಜರಿದ್ದರು.
ಪದೇಪದೇ ದೇಗುಲ ಕಳ್ಳತನ: ಗ್ರಾಮಸ್ಥರ ಪ್ರತಿಭಟನೆ
ಕುಣಿಗಲ್: ಮುಕುದಾಳು ದೇವಾಲಯದಲ್ಲಿ ಪದೇ ಪದೇ ಕಳ್ಳತನವಾಗುತ್ತಿದ್ದರೂ ಪೊಲೀಸರು ಯಾವುದೇ ಕ್ರಮ ಕೈಗೊಳ್ಳದಿರುವುದನ್ನು ಖಂಡಿಸಿ ಗ್ರಾಮಸ್ಥರು ಪ್ರತಿಭಟನೆ ನಡೆಸಿದರು. ತಾಲ್ಲೂಕಿನ ಕಸಬಾ ಹೋಬಳಿ ಮುಕುದಾಳು ಗ್ರಾಮದ ಶ್ರೀ ಕಲ್ಲೇಶ್ವರ ದೇವಸ್ಥಾನದಲ್ಲಿ ನಾಲ್ಕನೇ ಬಾರಿ ಕಳ್ಳತನವಾಗಿದ್ದು, ದೇವಾಲಯದ ಹುಂಡಿ ಒಡೆದು ಹಣ ದೋಚಲಾಗಿದೆ. ಗ್ರಾಮಸ್ಥರು ದೇವಾಲಯದ ಮುಂದೆ ಜಮಾಯಿಸಿ ಪೊಲೀಸ್ ಇಲಾಖೆಯ ವಿರುದ್ಧ ಘೋಷಣೆ ಕೂಗಿದರು. ಗ್ರಾಮದ ಮುಖಂಡರು ಮಾತನಾಡಿ, ದೇವಾಲಯದಲ್ಲಿ ಪದೇ ಪದೇ ಕಳ್ಳತನವಾಗುತ್ತಿದ್ದು ಇದುವರೆಗೂ ಕಳ್ಳರನ್ನು ಪತ್ತೆ ಹಚ್ಚಿಲ್ಲ. ತಕ್ಷಣ ಕಳ್ಳರನ್ನು ಬಂಧಿಸಿ ಸೂಕ್ತ ಕ್ರಮ ಕೈಗೊಳ್ಳಬೇಕು ಎಂದು ಒತ್ತಾಯಿಸಿದರು. ಸ್ಥಳಕ್ಕೆ ಆಗಮಿಸಿದ ಪೊಲೀಸ್ ಅಧಿಕಾರಿಗಳು ಕಳ್ಳರನ್ನು ಶೀಘ್ರದಲ್ಲೇ ಪತ್ತೆಹಚ್ಚುವುದಾಗಿ ಭರವಸೆ ನೀಡಿದ ಬಳಿಕ ಪ್ರತಿಭಟನೆ ಹಿಂಪಡೆಯಲಾಯಿತು. ಪ್ರತಿಭಟನೆಯಲ್ಲಿ ಕೆಪಿಸಿಸಿ ಸದಸ್ಯ ಟಿ.ಲೋಕೇಶ್, ಮಾಜಿ ತಾ.ಪಂ. ಸದಸ್ಯ ಪಿ.ಪಿ.ನರಸಿಂಹಯ್ಯ, ಜಿಲ್ಲಾ ಡಿಸಿಸಿ ಸದಸ್ಯ ರಂಗಸ್ವಾಮಿ, ದೇವಾಲಯ ಸಮಿತಿಯ ಪದಾಧಿಕಾರಿಗಳು ಸೇರಿದಂತೆ ನೂರಾರು ಗ್ರಾಮಸ್ಥರು ಭಾಗವಹಿಸಿದ್ದರು.
ರಿಂಗ್‌ರೋಡ್ ಭೂಸ್ವಾಧೀನ ಕೈಬಿಡಲು ಒತ್ತಾಯ
ತುಮಕೂರು: ನಂದಿಹಳ್ಳಿ, ಮಲ್ಲಸಂದ್ರ, ಬೆಳ್ಳಾವಿ ಸೇರಿದಂತೆ ತುಮಕೂರು ತಾಲ್ಲೂಕಿನ ವಿವಿಧ ಗ್ರಾಮಗಳ ರೈತರ ಫಲವತ್ತಾದ ಕೃಷಿ ಭೂಮಿಯನ್ನು ಹೊರವರ್ತುಲ ರಸ್ತೆ ನಿರ್ಮಾಣಕ್ಕೆ ಭೂಸ್ವಾಧೀನ ಮಾಡಿಕೊಳ್ಳುತ್ತಿರುವುದನ್ನು ಖಂಡಿಸಿ ವಿವಿಧ ರೈತ ಪರ ಸಂಘಟನೆಗಳು ಪ್ರತಿಭಟನೆ ನಡೆಸಿದವು. ಅಕ್ಟೋಬರ್ 13 ರಂದು ಹಮ್ಮಿಕೊಂಡಿರುವ ಜಿಲ್ಲಾಧಿಕಾರಿಗಳ ಕಚೇರಿ ಮುತ್ತಿಗೆಗೆ ಎಲ್ಲಾ ರೈತರು ಭಾಗವಹಿಸಬೇಕು ಎಂದು ಮನವಿ ಮಾಡಿದರು.
ಭೂಸ್ವಾಧೀನ ವಿರೋಧಿಸಿ ಪ್ರತಿಭಟನೆ
ನಂದಿಹಳ್ಳಿ, ಮಲ್ಲಸಂದ್ರ ಭಾಗದ ರೈತರು ಮಾತನಾಡಿ, ಈ ಭೂಮಿ ನಮ್ಮ ಜೀವನಾಧಾರವಾಗಿದ್ದು, ತಲತಲಾಂತರದಿಂದ ಕೃಷಿ ಮಾಡಿಕೊಂಡು ಬಂದಿದ್ದೇವೆ. ಯಾವುದೇ ಕಾರಣಕ್ಕೂ ಭೂಮಿ ಬಿಟ್ಟುಕೊಡುವುದಿಲ್ಲ ಎಂದರು. ರೈತ ಮುಖಂಡರು ಮಾತನಾಡಿ, ಸುಮಾರು 46 ಹಳ್ಳಿಗಳ 650 ಎಕರೆ ಫಲವತ್ತಾದ ಭೂಮಿಯನ್ನು ಸ್ವಾಧೀನ ಪಡಿಸಿಕೊಳ್ಳಲು ಮುಂದಾಗಿದ್ದು ಇದರಿಂದ ನೂರಾರು ಕುಟುಂಬಗಳು ಬೀದಿಗೆ ಬರಲಿವೆ. ಸರ್ಕಾರ ಕೂಡಲೇ ಈ ಯೋಜನೆ ಕೈಬಿಡಬೇಕು ಎಂದು ಆಗ್ರಹಿಸಿದರು.
ಭೂಮಿಯನ್ನು ಕಳೆದುಕೊಳ್ಳುವ ರೈತರಿಗೆ ಸೂಕ್ತ ಪರಿಹಾರ ಸಿಗುತ್ತಿಲ್ಲ. 750ಕ್ಕೂ ಹೆಚ್ಚು ಕುಟುಂಬಗಳು ಬೀದಿಗೆ ಬೀಳಲಿವೆ. ಸರ್ಕಾರಕ್ಕೆ ರೈತರ ಹಿತ ಮುಖ್ಯವಾಗಬೇಕು. ಇತರ ಮಾರ್ಗದಲ್ಲಿ ರಸ್ತೆ ನಿರ್ಮಿಸಲು ಅವಕಾಶವಿದ್ದರೂ ಫಲವತ್ತಾದ ಭೂಮಿ ಸ್ವಾಧೀನ ಮಾಡುವುದು ಸರಿಯಲ್ಲ ಎಂದರು. ಪ್ರತಿಭಟನೆಯಲ್ಲಿ ರೈತ ಸಂಘದ ಮುಖಂಡರು, ಗ್ರಾಮಸ್ಥರು ಪಾಲ್ಗೊಂಡಿದ್ದರು.
ಬಲವಾಗಬೇಕಿದೆ.ರೈತಪರವಾದ ಮತ್ತು ಭೂಮಿ ವಾಪಸ್ ಪಡೆಯಲು ಸದ್ಯವಾಗ ಸಭೆ ನಡೆಸಿ, ಮುಂದಿನ ಹೋರಾಟದ ರೂಪುರೇಷೆ ತೀರ್ಮಾನಿಸಲಾಗುವುದು. ಅಕ್ಟೋಬರ್ 13ರಂದು ನಡೆಯುವ ಪ್ರತಿಭಟನೆಯಲ್ಲಿ ಎಲ್ಲರೂ ಭಾಗವಹಿಸಬೇಕು ಎಂದು ಮನವಿ ಮಾಡಿದರು. ಈ ಸಂದರ್ಭದಲ್ಲಿ ರೈತ ಸಂಘದ ಜಿಲ್ಲಾಧ್ಯಕ್ಷ ಎಸ್.ಆರ್.ಸ್ವಾಮಿ, ಸರ್ಕಾರ ಬಂಡವಾಳಗಾರರ ಅಭಿವೃದ್ಧಿಗೆ ರೈತರ ಭೂಮಿ ನೀಡುತ್ತಿದೆ ಎಂದು ಆರೋಪಿಸಿದರು. ಪ್ರಾಂತ ರೈತ ಸಂಘ, ಕರ್ನಾಟಕ ಪ್ರಾಂತ ಕೃಷಿ ಕೂಲಿಕಾರರ ಸಂಘ, ಕಿಸಾನ್ ಸಭಾ ಸೇರಿದಂತೆ ವಿವಿಧ ಸಂಘಟನೆಗಳ ಮುಖಂಡರು ಹಾಗೂ ರೈತರು ಭಾಗವಹಿಸಿದ್ದರು.
